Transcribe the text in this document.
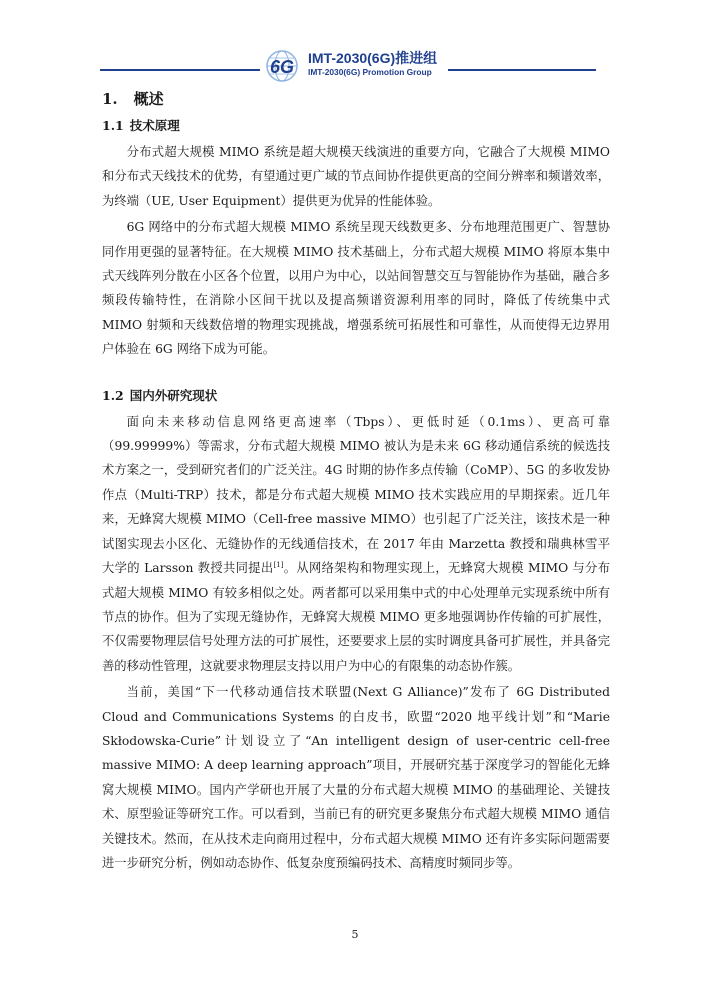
6G IMT-2030(6G)推进组
IMT-2030(6G) Promotion Group
1. 概述
1.1 技术原理

分布式超大规模 MIMO 系统是超大规模天线演进的重要方向，它融合了大规模 MIMO 和分布式天线技术的优势，有望通过更广域的节点间协作提供更高的空间分辨率和频谱效率，为终端（UE, User Equipment）提供更为优异的性能体验。

6G 网络中的分布式超大规模 MIMO 系统呈现天线数更多、分布地理范围更广、智慧协同作用更强的显著特征。在大规模 MIMO 技术基础上，分布式超大规模 MIMO 将原本集中式天线阵列分散在小区各个位置，以用户为中心，以站间智慧交互与智能协作为基础，融合多频段传输特性，在消除小区间干扰以及提高频谱资源利用率的同时，降低了传统集中式 MIMO 射频和天线数倍增的物理实现挑战，增强系统可拓展性和可靠性，从而使得无边界用户体验在 6G 网络下成为可能。

1.2 国内外研究现状

面向未来移动信息网络更高速率（Tbps）、更低时延（0.1ms）、更高可靠（99.99999%）等需求，分布式超大规模 MIMO 被认为是未来 6G 移动通信系统的候选技术方案之一，受到研究者们的广泛关注。4G 时期的协作多点传输（CoMP）、5G 的多收发协作点（Multi-TRP）技术，都是分布式超大规模 MIMO 技术实践应用的早期探索。近几年来，无蜂窝大规模 MIMO（Cell-free massive MIMO）也引起了广泛关注，该技术是一种试图实现去小区化、无缝协作的无线通信技术，在 2017 年由 Marzetta 教授和瑞典林雪平大学的 Larsson 教授共同提出[1]。从网络架构和物理实现上，无蜂窝大规模 MIMO 与分布式超大规模 MIMO 有较多相似之处。两者都可以采用集中式的中心处理单元实现系统中所有节点的协作。但为了实现无缝协作，无蜂窝大规模 MIMO 更多地强调协作传输的可扩展性，不仅需要物理层信号处理方法的可扩展性，还要要求上层的实时调度具备可扩展性，并具备完善的移动性管理，这就要求物理层支持以用户为中心的有限集的动态协作簇。

当前，美国“下一代移动通信技术联盟(Next G Alliance)”发布了 6G Distributed Cloud and Communications Systems 的白皮书，欧盟“2020 地平线计划”和“Marie Skłodowska-Curie”计划设立了“An intelligent design of user-centric cell-free massive MIMO: A deep learning approach”项目，开展研究基于深度学习的智能化无蜂窝大规模 MIMO。国内产学研也开展了大量的分布式超大规模 MIMO 的基础理论、关键技术、原型验证等研究工作。可以看到，当前已有的研究更多聚焦分布式超大规模 MIMO 通信关键技术。然而，在从技术走向商用过程中，分布式超大规模 MIMO 还有许多实际问题需要进一步研究分析，例如动态协作、低复杂度预编码技术、高精度时频同步等。

5
